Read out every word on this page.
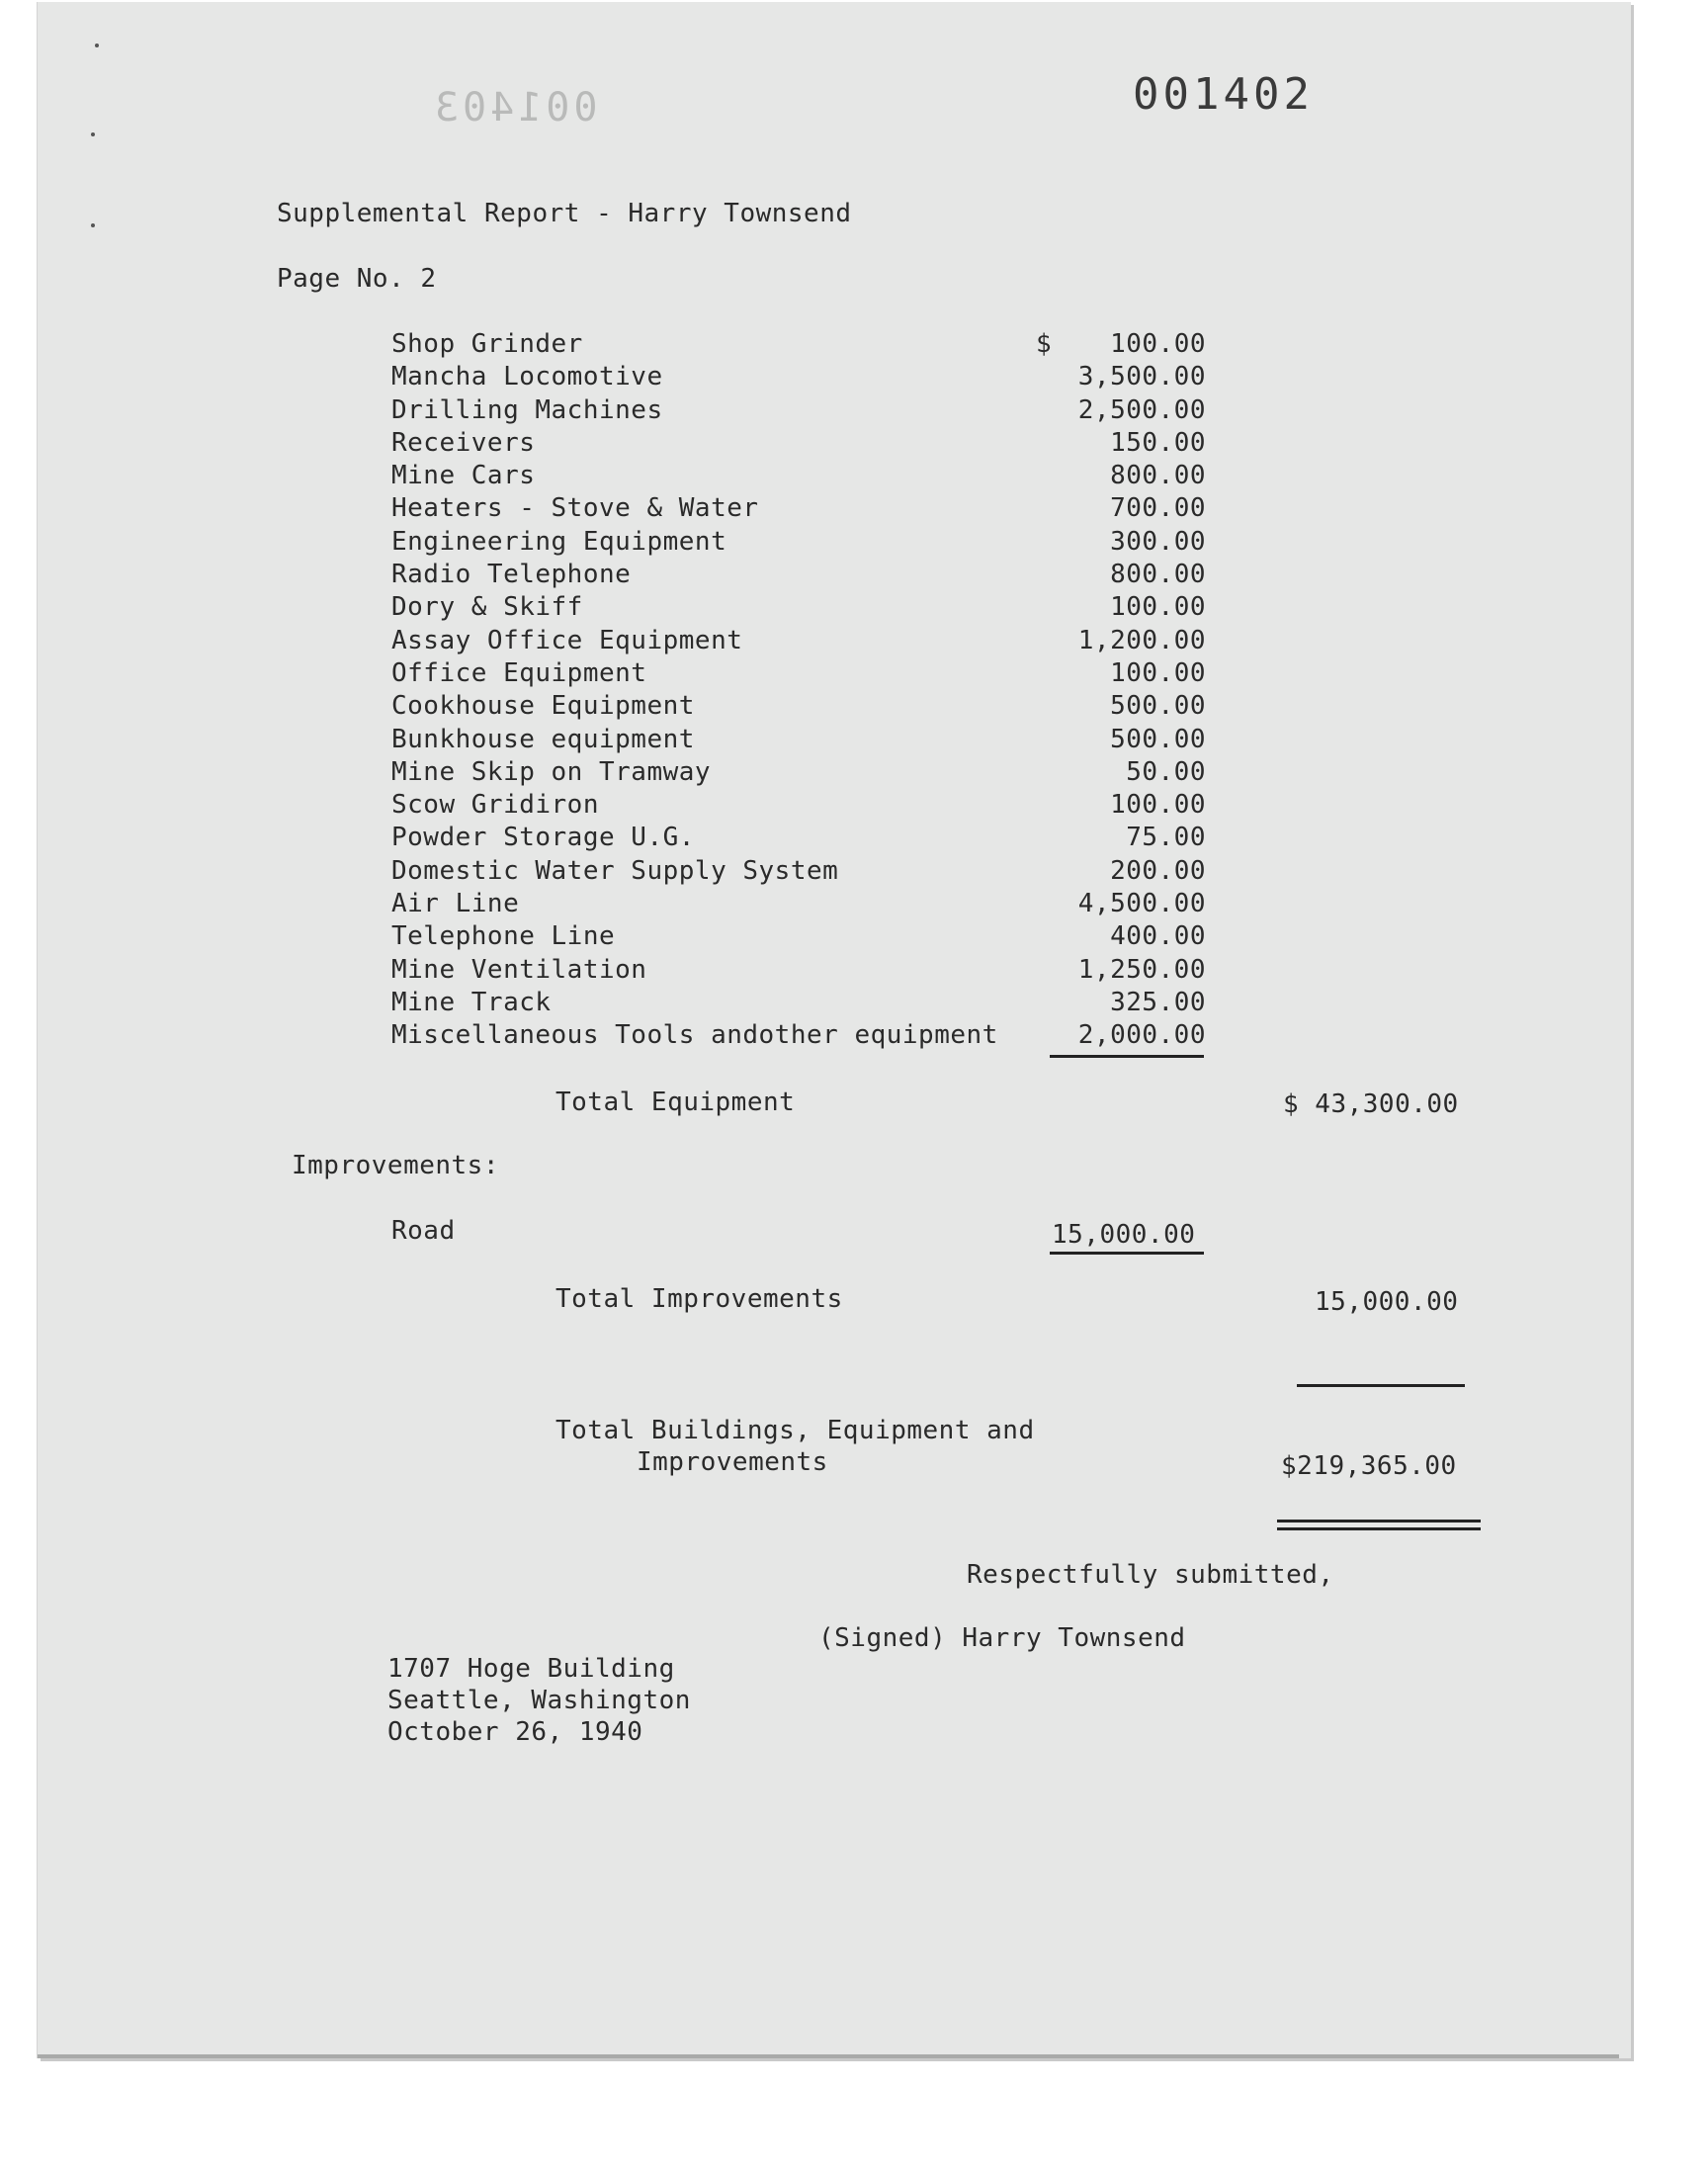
001403	001402
Supplemental Report - Harry Townsend
Page No. 2
$
Shop Grinder	100.00
Mancha Locomotive	3,500.00
Drilling Machines	2,500.00
Receivers	150.00
Mine Cars	800.00
Heaters - Stove & Water	700.00
Engineering Equipment	300.00
Radio Telephone	800.00
Dory & Skiff	100.00
Assay Office Equipment	1,200.00
Office Equipment	100.00
Cookhouse Equipment	500.00
Bunkhouse equipment	500.00
Mine Skip on Tramway	50.00
Scow Gridiron	100.00
Powder Storage U.G.	75.00
Domestic Water Supply System	200.00
Air Line	4,500.00
Telephone Line	400.00
Mine Ventilation	1,250.00
Mine Track	325.00
Miscellaneous Tools andother equipment	2,000.00
Total Equipment	$ 43,300.00
Improvements:
Road	15,000.00
Total Improvements	15,000.00
Total Buildings, Equipment and
Improvements	$219,365.00
Respectfully submitted,
(Signed) Harry Townsend
1707 Hoge Building
Seattle, Washington
October 26, 1940
